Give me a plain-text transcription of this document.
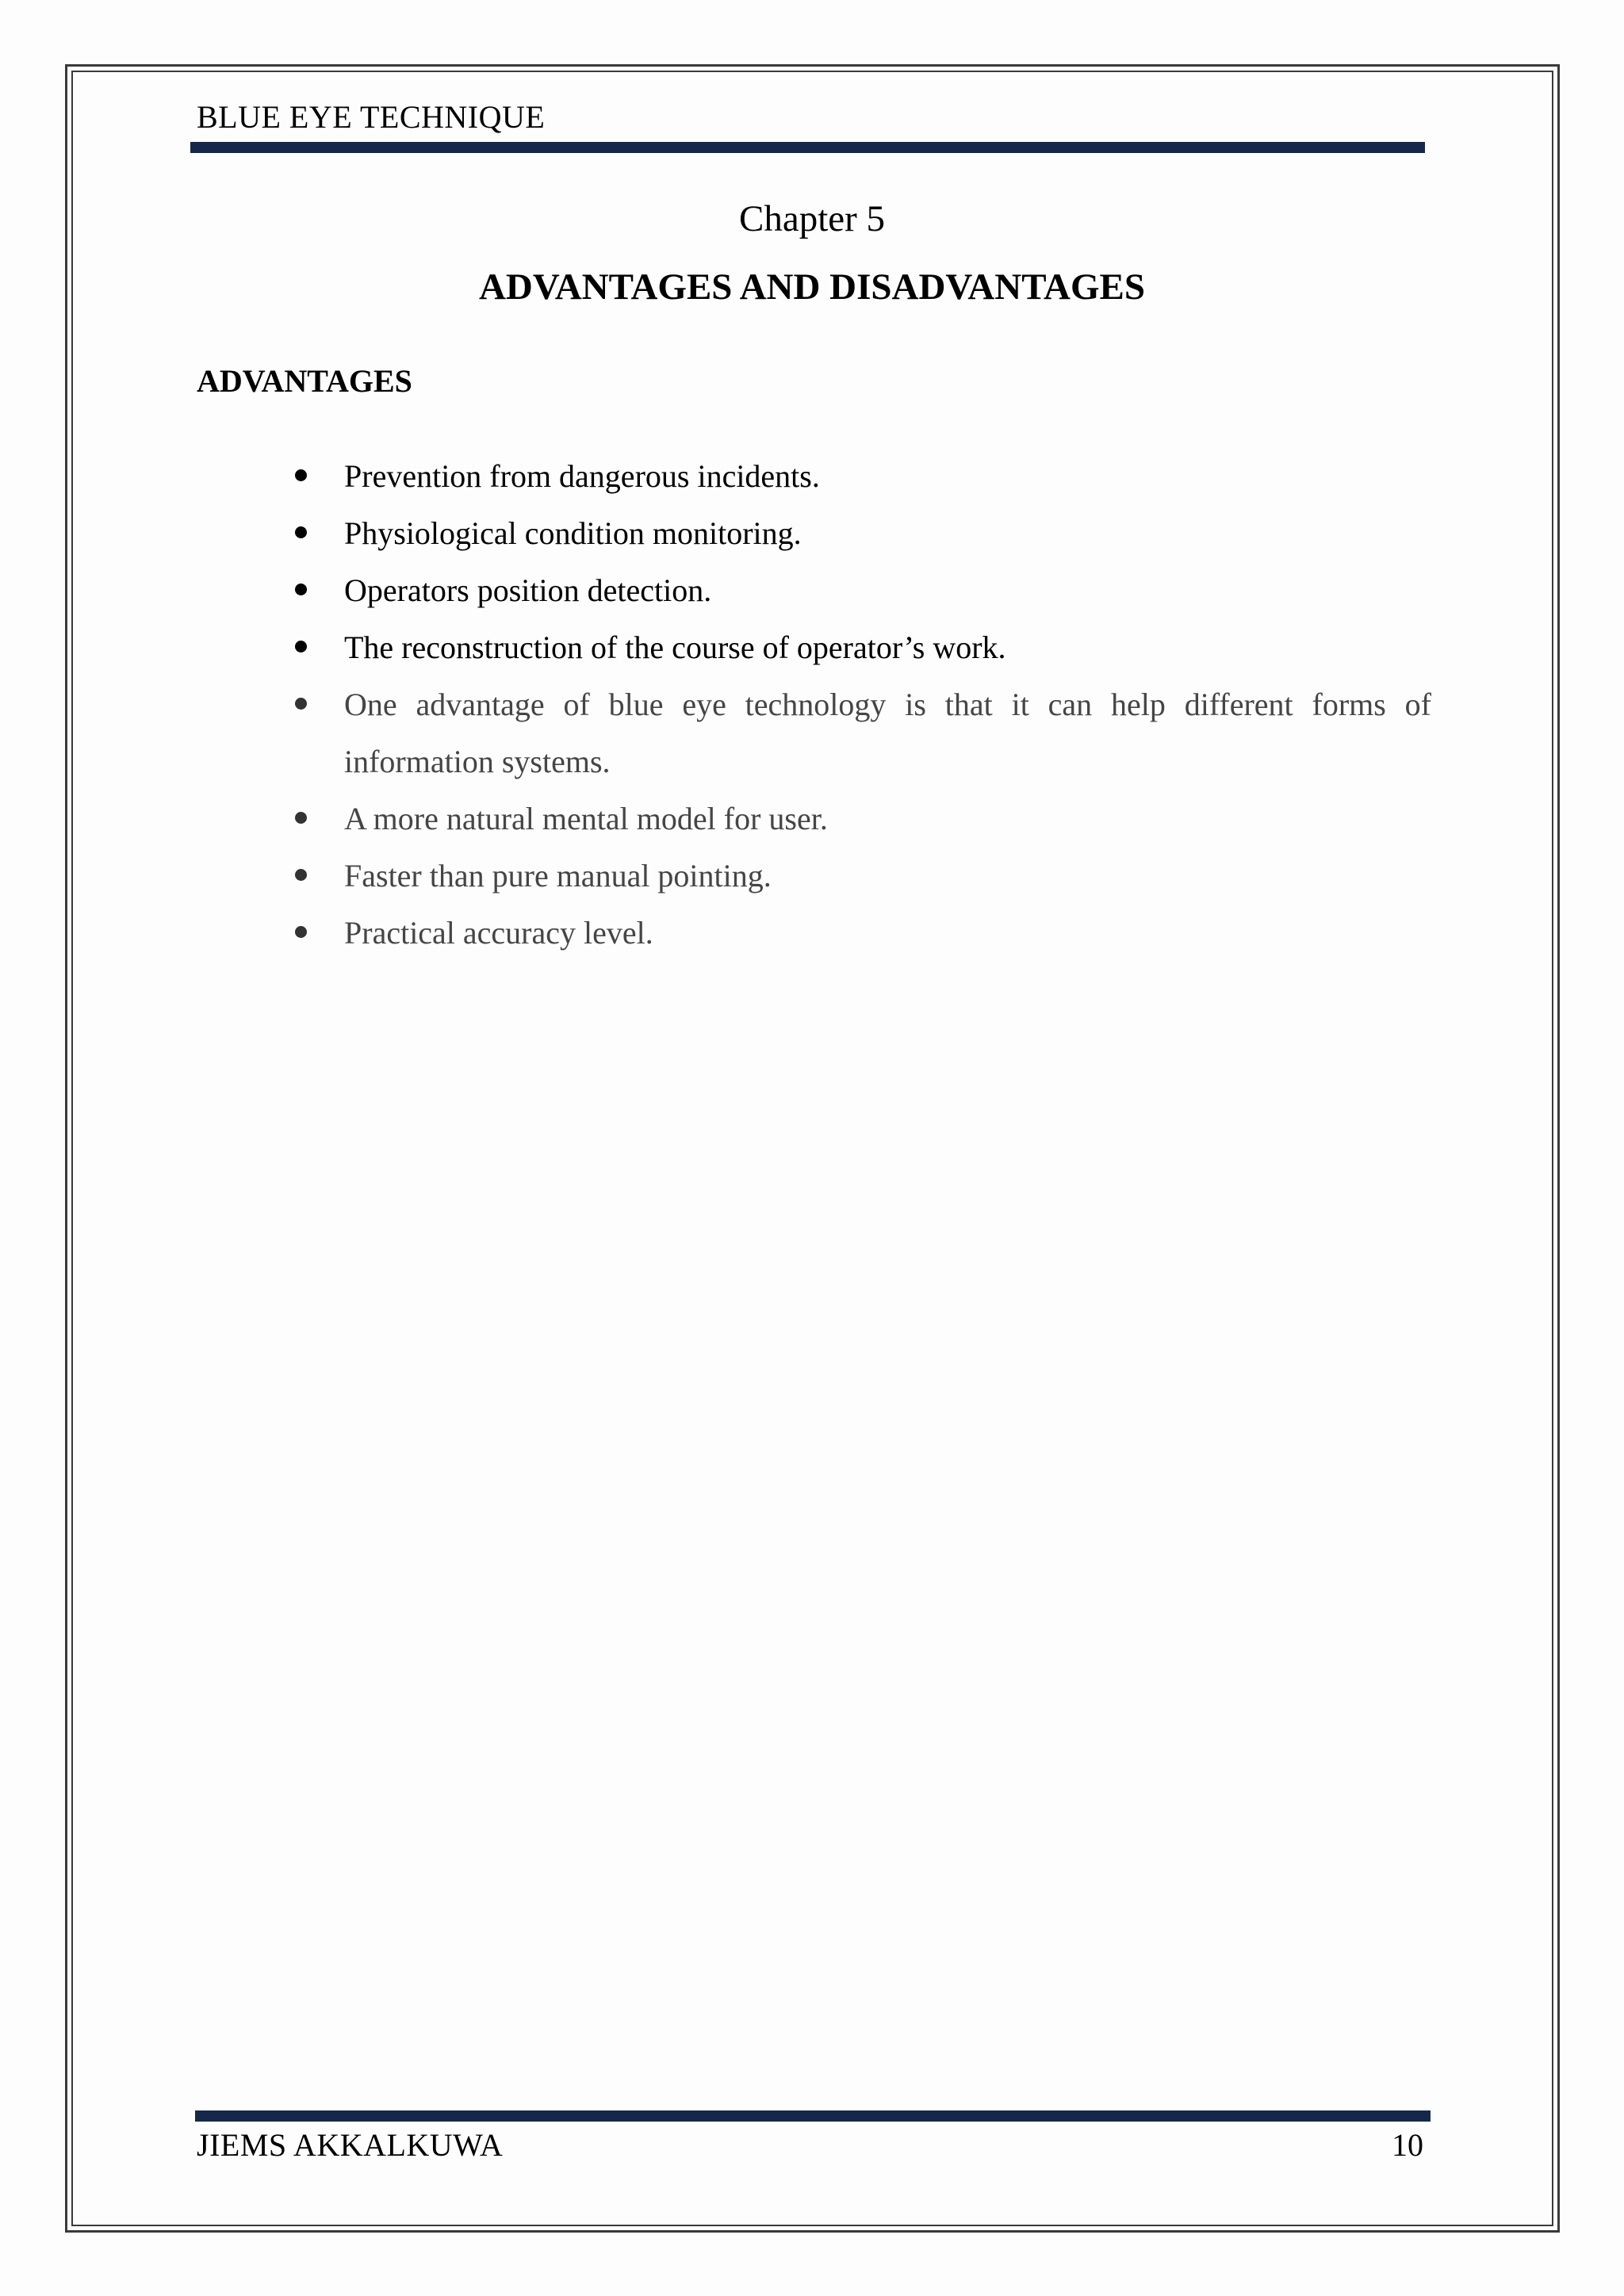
BLUE EYE TECHNIQUE
Chapter 5
ADVANTAGES AND DISADVANTAGES
ADVANTAGES
Prevention from dangerous incidents.
Physiological condition monitoring.
Operators position detection.
The reconstruction of the course of operator’s work.
One advantage of blue eye technology is that it can help different forms of information systems.
A more natural mental model for user.
Faster than pure manual pointing.
Practical accuracy level.
JIEMS AKKALKUWA	10
